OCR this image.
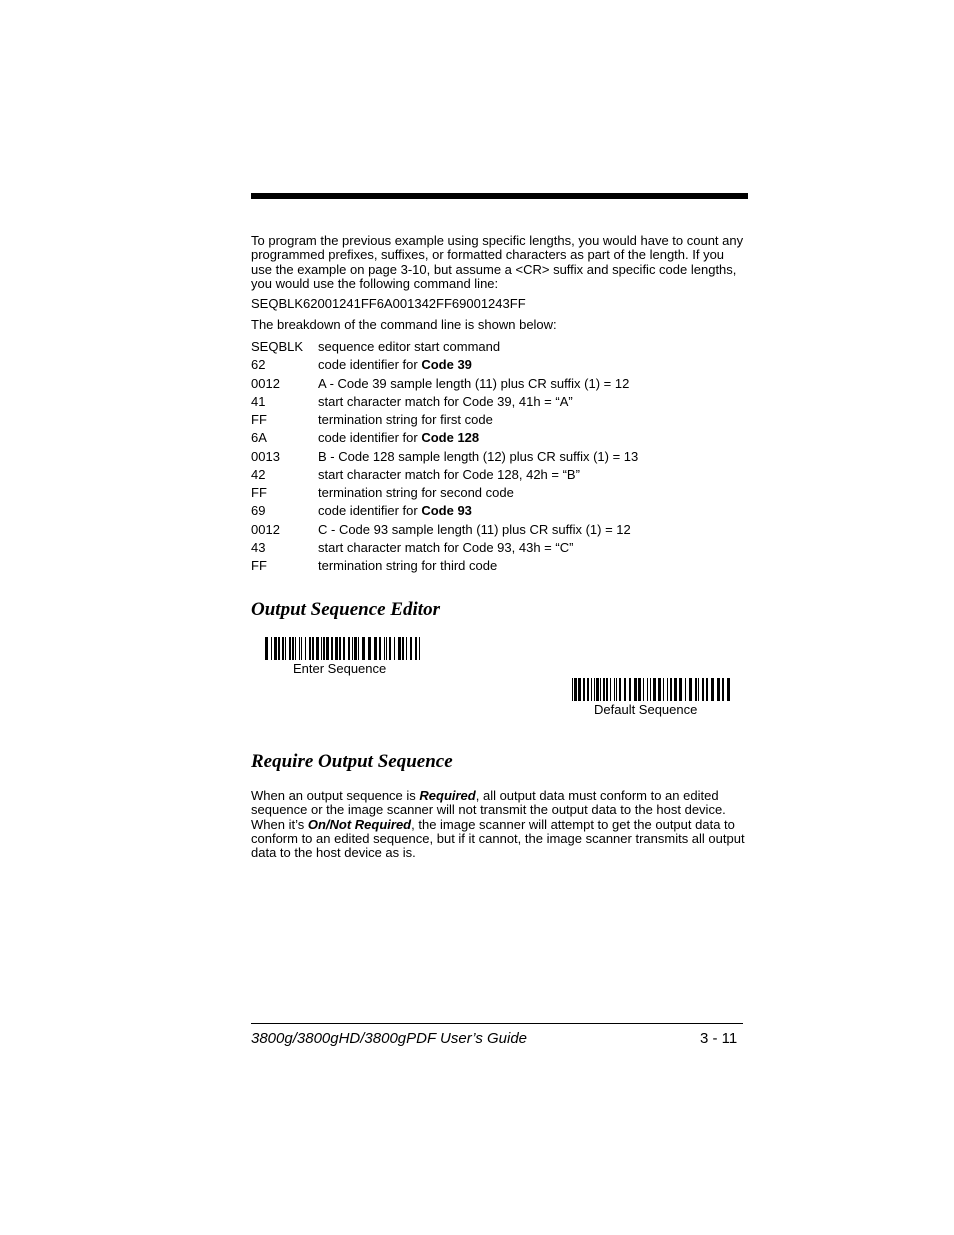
To program the previous example using specific lengths, you would have to count any programmed prefixes, suffixes, or formatted characters as part of the length. If you use the example on page 3-10, but assume a <CR> suffix and specific code lengths, you would use the following command line:

SEQBLK62001241FF6A001342FF69001243FF

The breakdown of the command line is shown below:

SEQBLK sequence editor start command
62	code identifier for Code 39
0012	A - Code 39 sample length (11) plus CR suffix (1) = 12
41	start character match for Code 39, 41h = “A”
FF	termination string for first code
6A	code identifier for Code 128
0013	B - Code 128 sample length (12) plus CR suffix (1) = 13
42	start character match for Code 128, 42h = “B”
FF	termination string for second code
69	code identifier for Code 93
0012	C - Code 93 sample length (11) plus CR suffix (1) = 12
43	start character match for Code 93, 43h = “C”
FF	termination string for third code
Output Sequence Editor
Enter Sequence
Default Sequence
Require Output Sequence

When an output sequence is Required, all output data must conform to an edited sequence or the image scanner will not transmit the output data to the host device. When it’s On/Not Required, the image scanner will attempt to get the output data to conform to an edited sequence, but if it cannot, the image scanner transmits all output data to the host device as is.

3800g/3800gHD/3800gPDF User’s Guide	3 - 11
